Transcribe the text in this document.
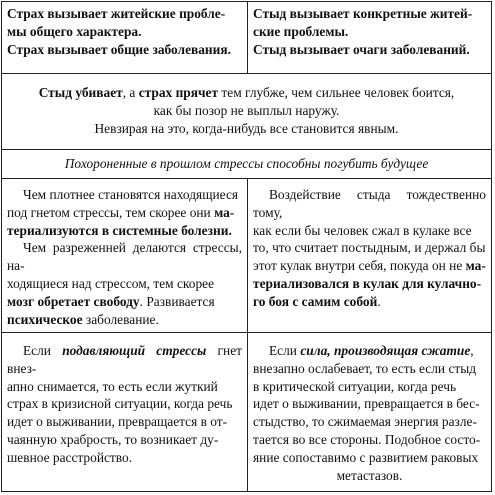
Страх вызывает житейские пробле-

мы общего характера.

Страх вызывает общие заболевания.

Стыд вызывает конкретные житей-

ские проблемы.

Стыд вызывает очаги заболеваний.

Стыд убивает, а страх прячет тем глубже, чем сильнее человек боится,

как бы позор не выплыл наружу.

Невзирая на это, когда-нибудь все становится явным.

Похороненные в прошлом стрессы способны погубить будущее

Чем плотнее становятся находящиеся

под гнетом стрессы, тем скорее они ма-

териализуются в системные болезни.

Чем разреженней делаются стрессы, на-

ходящиеся над стрессом, тем скорее

мозг обретает свободу. Развивается

психическое заболевание.

Воздействие стыда тождественно тому,

как если бы человек сжал в кулаке все

то, что считает постыдным, и держал бы

этот кулак внутри себя, покуда он не ма-

териализовался в кулак для кулачно-

го боя с самим собой.

Если подавляющий стрессы гнет внез-

апно снимается, то есть если жуткий

страх в кризисной ситуации, когда речь

идет о выживании, превращается в от-

чаянную храбрость, то возникает ду-

шевное расстройство.

Если сила, производящая сжатие,

внезапно ослабевает, то есть если стыд

в критической ситуации, когда речь

идет о выживании, превращается в бес-

стыдство, то сжимаемая энергия разле-

тается во все стороны. Подобное состо-

яние сопоставимо с развитием раковых

метастазов.
